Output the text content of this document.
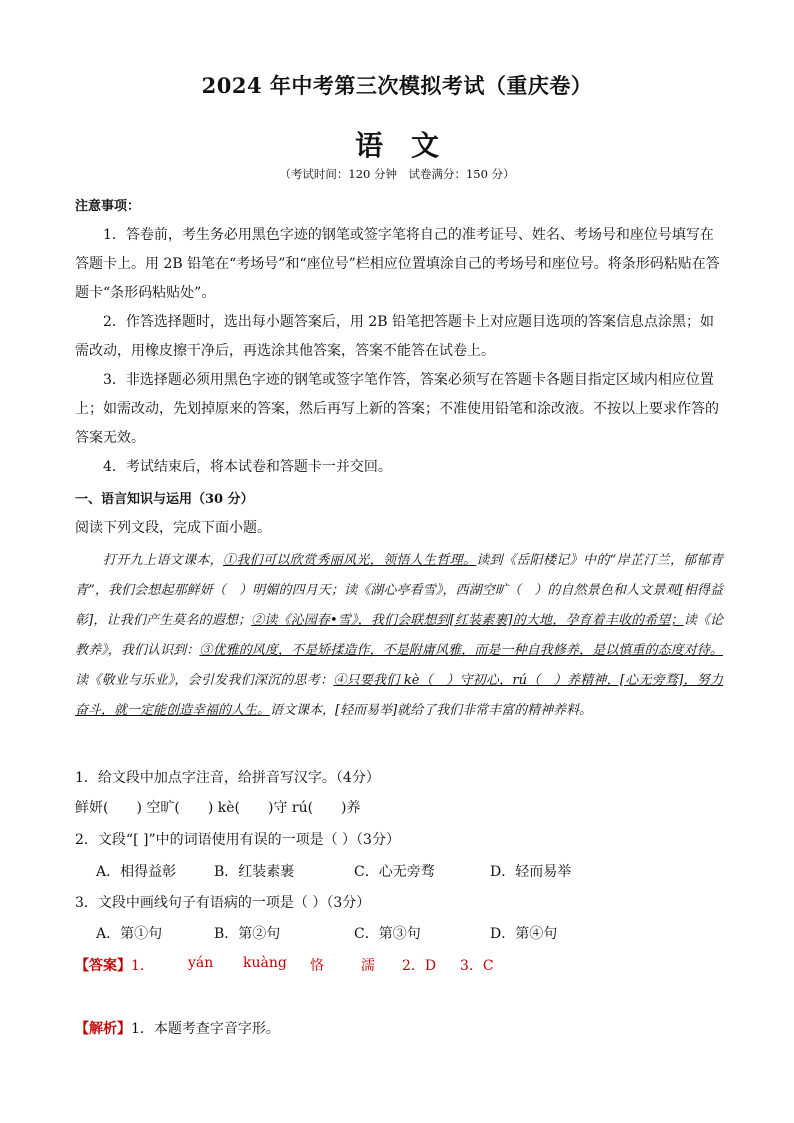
2024 年中考第三次模拟考试（重庆卷）
语文
（考试时间：120 分钟　试卷满分：150 分）
注意事项：
1．答卷前，考生务必用黑色字迹的钢笔或签字笔将自己的准考证号、姓名、考场号和座位号填写在答题卡上。用 2B 铅笔在“考场号”和“座位号”栏相应位置填涂自己的考场号和座位号。将条形码粘贴在答题卡“条形码粘贴处”。
2．作答选择题时，选出每小题答案后，用 2B 铅笔把答题卡上对应题目选项的答案信息点涂黑；如需改动，用橡皮擦干净后，再选涂其他答案，答案不能答在试卷上。
3．非选择题必须用黑色字迹的钢笔或签字笔作答，答案必须写在答题卡各题目指定区域内相应位置上；如需改动，先划掉原来的答案，然后再写上新的答案；不准使用铅笔和涂改液。不按以上要求作答的答案无效。
4．考试结束后，将本试卷和答题卡一并交回。
一、语言知识与运用（30 分）
阅读下列文段，完成下面小题。
打开九上语文课本，①我们可以欣赏秀丽风光，领悟人生哲理。读到《岳阳楼记》中的“岸芷汀兰，郁郁青青”，我们会想起那鲜妍（　）明媚的四月天；读《湖心亭看雪》，西湖空旷（　）的自然景色和人文景观[相得益彰]，让我们产生莫名的遐想；②读《沁园春•雪》，我们会联想到[红装素裹]的大地，孕育着丰收的希望；读《论教养》，我们认识到：③优雅的风度，不是矫揉造作，不是附庸风雅，而是一种自我修养，是以慎重的态度对待。读《敬业与乐业》，会引发我们深沉的思考：④只要我们 kè（　）守初心，rú（　）养精神，[心无旁骛]，努力奋斗，就一定能创造幸福的人生。语文课本，[轻而易举]就给了我们非常丰富的精神养料。
1．给文段中加点字注音，给拼音写汉字。（4分）
鲜妍(　　) 空旷(　　) kè(　　)守 rú(　　)养
2．文段“[ ]”中的词语使用有误的一项是（ ）（3分）
A．相得益彰	B．红装素裹	C．心无旁骛	D．轻而易举
3．文段中画线句子有语病的一项是（ ）（3分）
A．第①句	B．第②句	C．第③句	D．第④句
【答案】1． yán kuàng 恪	濡 2．D 3．C
【解析】1．本题考查字音字形。
